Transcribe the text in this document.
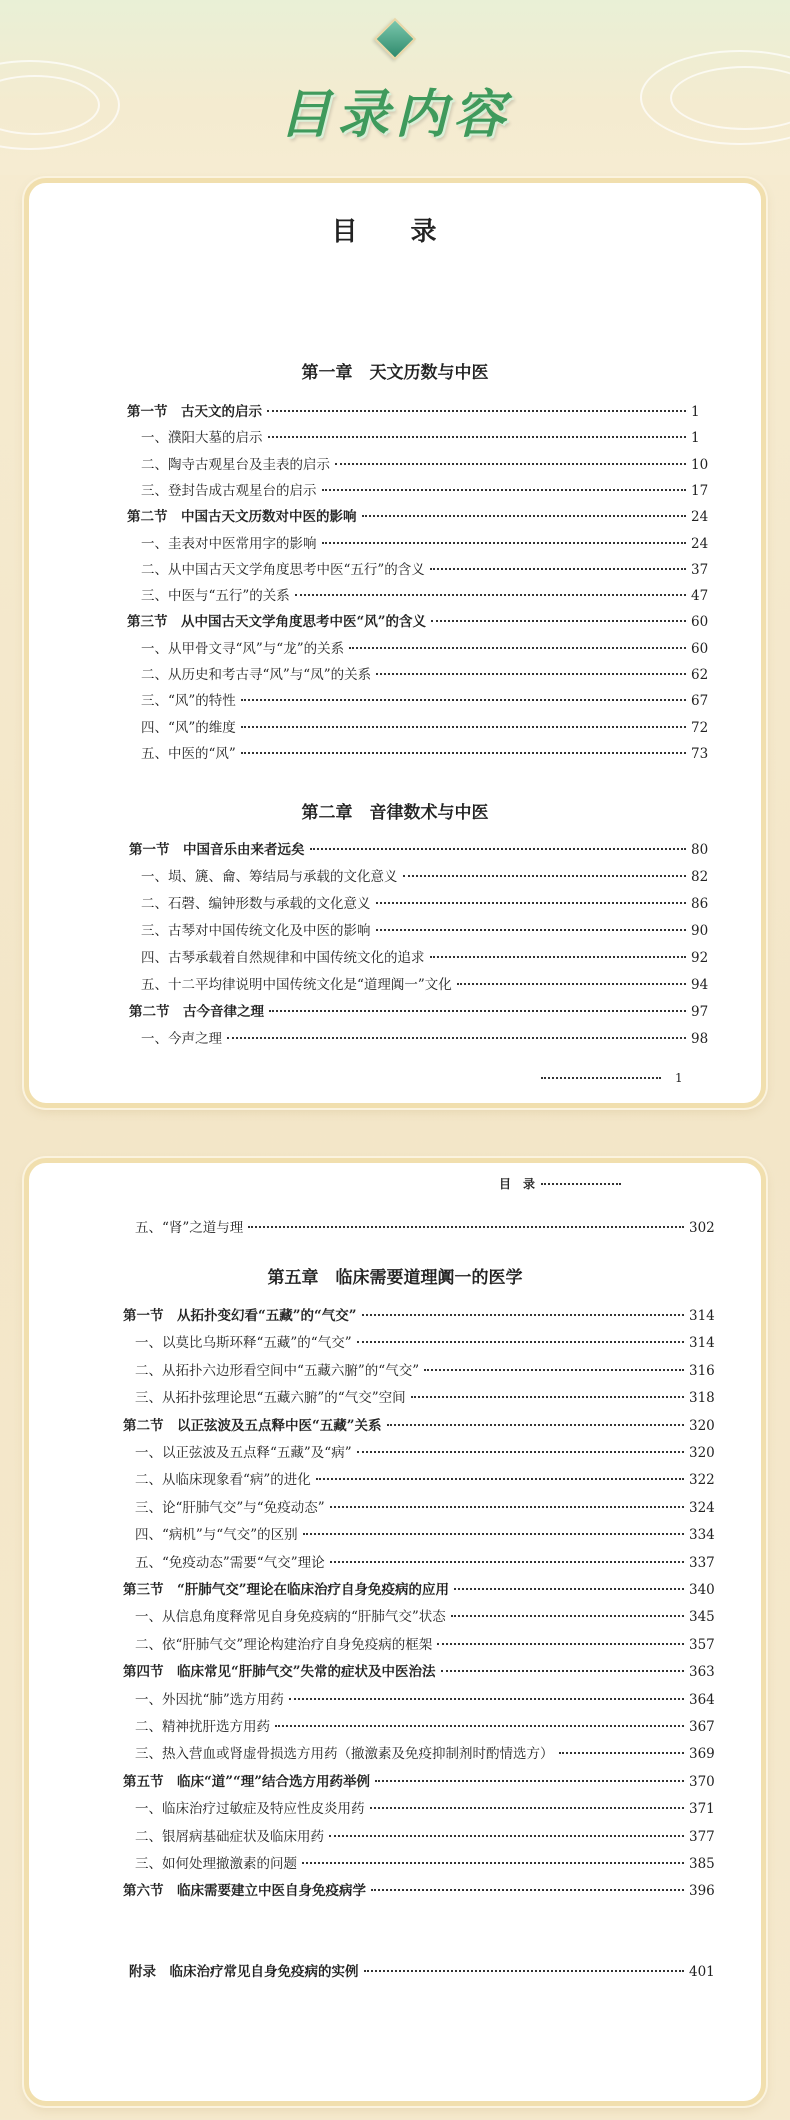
目录内容
目 录
第一章　天文历数与中医
第一节　古天文的启示	1
一、濮阳大墓的启示	1
二、陶寺古观星台及圭表的启示	10
三、登封告成古观星台的启示	17
第二节　中国古天文历数对中医的影响	24
一、圭表对中医常用字的影响	24
二、从中国古天文学角度思考中医“五行”的含义	37
三、中医与“五行”的关系	47
第三节　从中国古天文学角度思考中医“风”的含义	60
一、从甲骨文寻“风”与“龙”的关系	60
二、从历史和考古寻“风”与“凤”的关系	62
三、“风”的特性	67
四、“风”的维度	72
五、中医的“风”	73
第二章　音律数术与中医
第一节　中国音乐由来者远矣	80
一、埙、篪、龠、筹结局与承载的文化意义	82
二、石磬、编钟形数与承载的文化意义	86
三、古琴对中国传统文化及中医的影响	90
四、古琴承载着自然规律和中国传统文化的追求	92
五、十二平均律说明中国传统文化是“道理阗一”文化	94
第二节　古今音律之理	97
一、今声之理	98
1
目　录
五、“肾”之道与理	302
第五章　临床需要道理阗一的医学
第一节　从拓扑变幻看“五藏”的“气交”	314
一、以莫比乌斯环释“五藏”的“气交”	314
二、从拓扑六边形看空间中“五藏六腑”的“气交”	316
三、从拓扑弦理论思“五藏六腑”的“气交”空间	318
第二节　以正弦波及五点释中医“五藏”关系	320
一、以正弦波及五点释“五藏”及“病”	320
二、从临床现象看“病”的进化	322
三、论“肝肺气交”与“免疫动态”	324
四、“病机”与“气交”的区别	334
五、“免疫动态”需要“气交”理论	337
第三节　“肝肺气交”理论在临床治疗自身免疫病的应用	340
一、从信息角度释常见自身免疫病的“肝肺气交”状态	345
二、依“肝肺气交”理论构建治疗自身免疫病的框架	357
第四节　临床常见“肝肺气交”失常的症状及中医治法	363
一、外因扰“肺”选方用药	364
二、精神扰肝选方用药	367
三、热入营血或肾虚骨损选方用药（撤激素及免疫抑制剂时酌情选方）	369
第五节　临床“道”“理”结合选方用药举例	370
一、临床治疗过敏症及特应性皮炎用药	371
二、银屑病基础症状及临床用药	377
三、如何处理撤激素的问题	385
第六节　临床需要建立中医自身免疫病学	396
附录　临床治疗常见自身免疫病的实例	401
